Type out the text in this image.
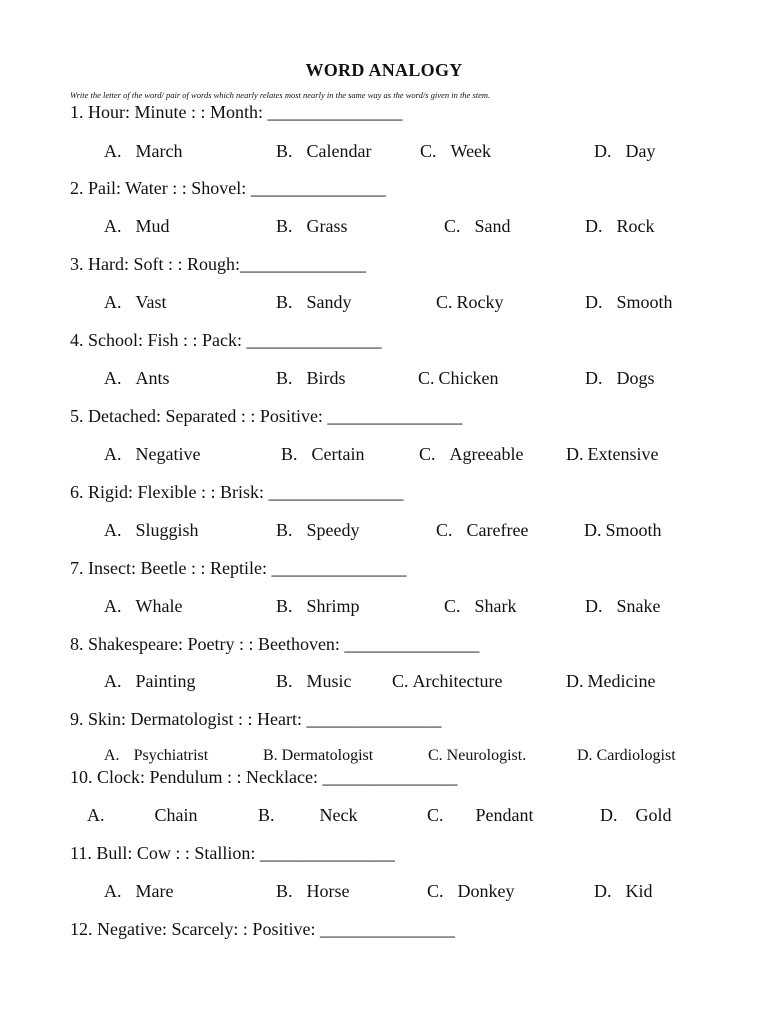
WORD ANALOGY
Write the letter of the word/ pair of words which nearly relates most nearly in the same way as the word/s given in the stem.
1. Hour: Minute : : Month: _______________
A. March	B. Calendar	C. Week	D. Day
2. Pail: Water : : Shovel: _______________
A. Mud	B. Grass	C. Sand	D. Rock
3. Hard: Soft : : Rough:______________
A. Vast	B. Sandy	C. Rocky	D. Smooth
4. School: Fish : : Pack: _______________
A. Ants	B. Birds	C. Chicken	D. Dogs
5. Detached: Separated : : Positive: _______________
A. Negative	B. Certain	C. Agreeable D. Extensive
6. Rigid: Flexible : : Brisk: _______________
A. Sluggish	B. Speedy	C. Carefree	D. Smooth
7. Insect: Beetle : : Reptile: _______________
A. Whale	B. Shrimp	C. Shark	D. Snake
8. Shakespeare: Poetry : : Beethoven: _______________
A. Painting	B. Music C. Architecture	D. Medicine
9. Skin: Dermatologist : : Heart: _______________
A. Psychiatrist	B. Dermatologist	C. Neurologist.	D. Cardiologist
10. Clock: Pendulum : : Necklace: _______________
A.	Chain	B.	Neck	C. Pendant	D. Gold
11. Bull: Cow : : Stallion: _______________
A. Mare	B. Horse	C. Donkey	D. Kid
12. Negative: Scarcely: : Positive: _______________
